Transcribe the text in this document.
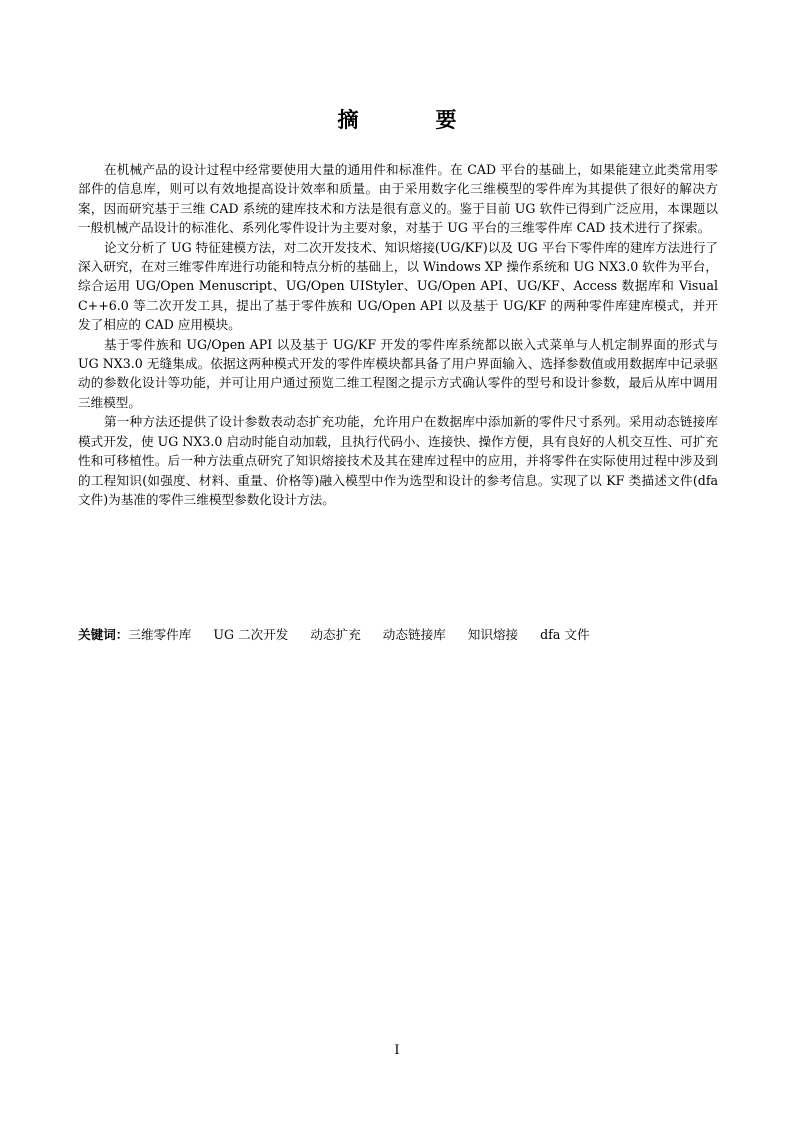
摘　要

在机械产品的设计过程中经常要使用大量的通用件和标准件。在 CAD 平台的基础上，如果能建立此类常用零部件的信息库，则可以有效地提高设计效率和质量。由于采用数字化三维模型的零件库为其提供了很好的解决方案，因而研究基于三维 CAD 系统的建库技术和方法是很有意义的。鉴于目前 UG 软件已得到广泛应用，本课题以一般机械产品设计的标准化、系列化零件设计为主要对象，对基于 UG 平台的三维零件库 CAD 技术进行了探索。

论文分析了 UG 特征建模方法，对二次开发技术、知识熔接(UG/KF)以及 UG 平台下零件库的建库方法进行了深入研究，在对三维零件库进行功能和特点分析的基础上，以 Windows XP 操作系统和 UG NX3.0 软件为平台，综合运用 UG/Open Menuscript、UG/Open UIStyler、UG/Open API、UG/KF、Access 数据库和 Visual C++6.0 等二次开发工具，提出了基于零件族和 UG/Open API 以及基于 UG/KF 的两种零件库建库模式，并开发了相应的 CAD 应用模块。

基于零件族和 UG/Open API 以及基于 UG/KF 开发的零件库系统都以嵌入式菜单与人机定制界面的形式与 UG NX3.0 无缝集成。依据这两种模式开发的零件库模块都具备了用户界面输入、选择参数值或用数据库中记录驱动的参数化设计等功能，并可让用户通过预览二维工程图之提示方式确认零件的型号和设计参数，最后从库中调用三维模型。

第一种方法还提供了设计参数表动态扩充功能，允许用户在数据库中添加新的零件尺寸系列。采用动态链接库模式开发，使 UG NX3.0 启动时能自动加载，且执行代码小、连接快、操作方便，具有良好的人机交互性、可扩充性和可移植性。后一种方法重点研究了知识熔接技术及其在建库过程中的应用，并将零件在实际使用过程中涉及到的工程知识(如强度、材料、重量、价格等)融入模型中作为选型和设计的参考信息。实现了以 KF 类描述文件(dfa 文件)为基准的零件三维模型参数化设计方法。

关键词：三维零件库 UG 二次开发 动态扩充 动态链接库 知识熔接 dfa 文件
I
